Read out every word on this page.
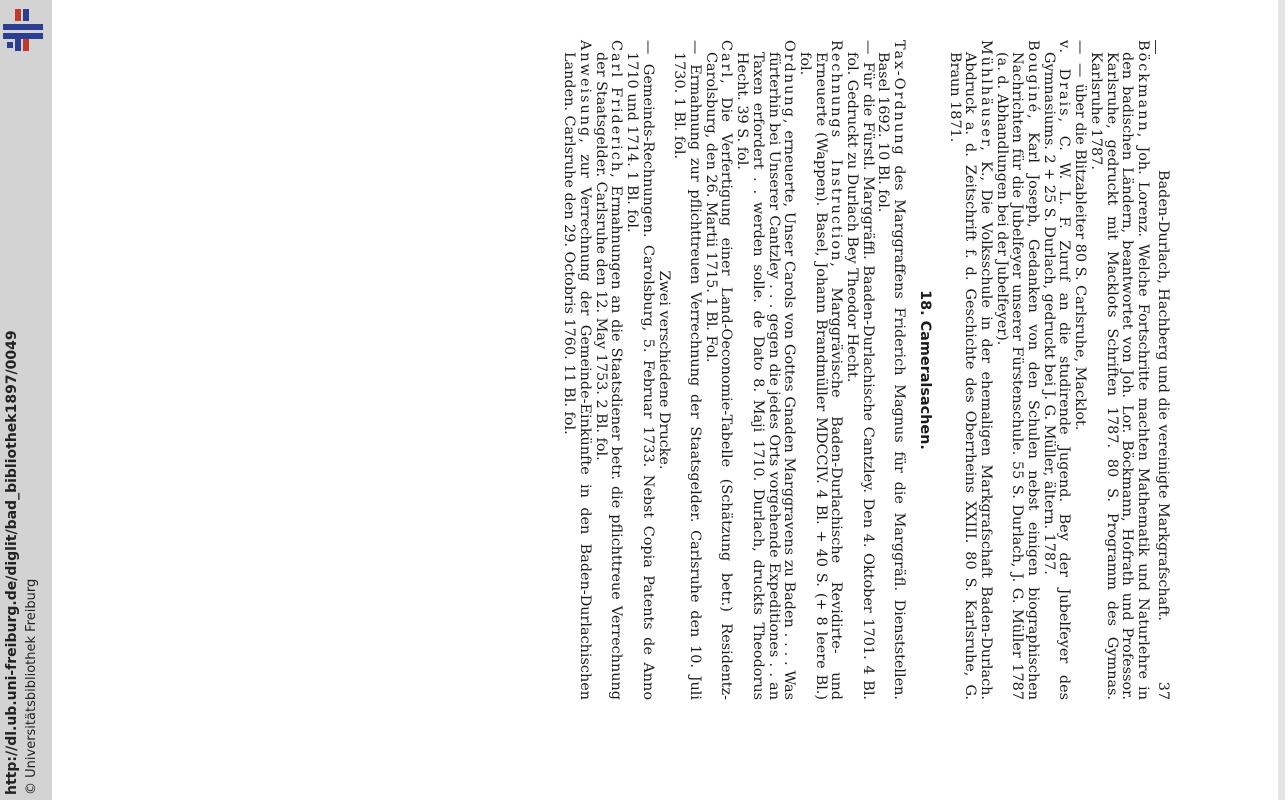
http://dl.ub.uni-freiburg.de/diglit/bad_bibliothek1897/0049 © Universitätsbibliothek Freiburg
Baden-Durlach, Hachberg und die vereinigte Markgrafschaft.
37

Böckmann, Joh. Lorenz. Welche Fortschritte machten Mathematik und Naturlehre in den badischen Ländern, beantwortet von Joh. Lor. Böckmann, Hofrath und Professor. Karlsruhe, gedruckt mit Macklots Schriften 1787. 80 S. Programm des Gymnas. Karlsruhe 1787.

— — über die Blitzableiter 80 S. Carlsruhe, Macklot.

v. Drais, C. W. L. F. Zuruf an die studirende Jugend. Bey der Jubelfeyer des Gymnasiums. 2 + 25 S. Durlach, gedruckt bei J. G. Müller, ältern. 1787.

Bouginé, Karl Joseph, Gedanken von den Schulen nebst einigen biographischen Nachrichten für die Jubelfeyer unserer Fürstenschule. 55 S. Durlach, J. G. Müller 1787 (a. d. Abhandlungen bei der Jubelfeyer).

Mühlhäuser, K., Die Volksschule in der ehemaligen Markgrafschaft Baden-Durlach. Abdruck a. d. Zeitschrift f. d. Geschichte des Oberrheins XXIII. 80 S. Karlsruhe, G. Braun 1871.

18. Cameralsachen.

Tax-Ordnung des Marggraffens Friderich Magnus für die Marggräfl. Dienststellen. Basel 1692. 10 Bl. fol.

— Für die Fürstl. Marggräffl. Baaden-Durlachische Cantzley. Den 4. Oktober 1701. 4 Bl. fol. Gedruckt zu Durlach Bey Theodor Hecht.

Rechnungs Instruction, Marggrävische Baden-Durlachische Revidirte- und Erneuerte (Wappen). Basel, Johann Brandmüller MDCCIV. 4 Bl. + 40 S. (+ 8 leere Bl.) fol.

Ordnung, erneuerte, Unser Carols von Gottes Gnaden Marggravens zu Baden . . . . Was fürterhin bei Unserer Cantzley . . . gegen die jedes Orts vorgehende Expeditiones . . an Taxen erfordert . . werden solle. de Dato 8. Maji 1710. Durlach, druckts Theodorus Hecht. 39 S. fol.

Carl, Die Verfertigung einer Land-Oeconomie-Tabelle (Schätzung betr.) Residentz-Carolsburg, den 26. Martii 1715. 1 Bl. Fol.

— Ermahnung zur pflichttreuen Verrechnung der Staatsgelder. Carlsruhe den 10. Juli 1730. 1 Bl. fol.

Zwei verschiedene Drucke.

— Gemeinds-Rechnungen. Carolsburg, 5. Februar 1733. Nebst Copia Patents de Anno 1710 und 1714. 1 Bl. fol.

Carl Friderich, Ermahnungen an die Staatsdiener betr. die pflichttreue Verrechnung der Staatsgelder. Carlsruhe den 12. May 1753. 2 Bl. fol.

Anweisung, zur Verrechnung der Gemeinde-Einkünfte in den Baden-Durlachischen Landen. Carlsruhe den 29. Octobris 1760. 11 Bl. fol.
